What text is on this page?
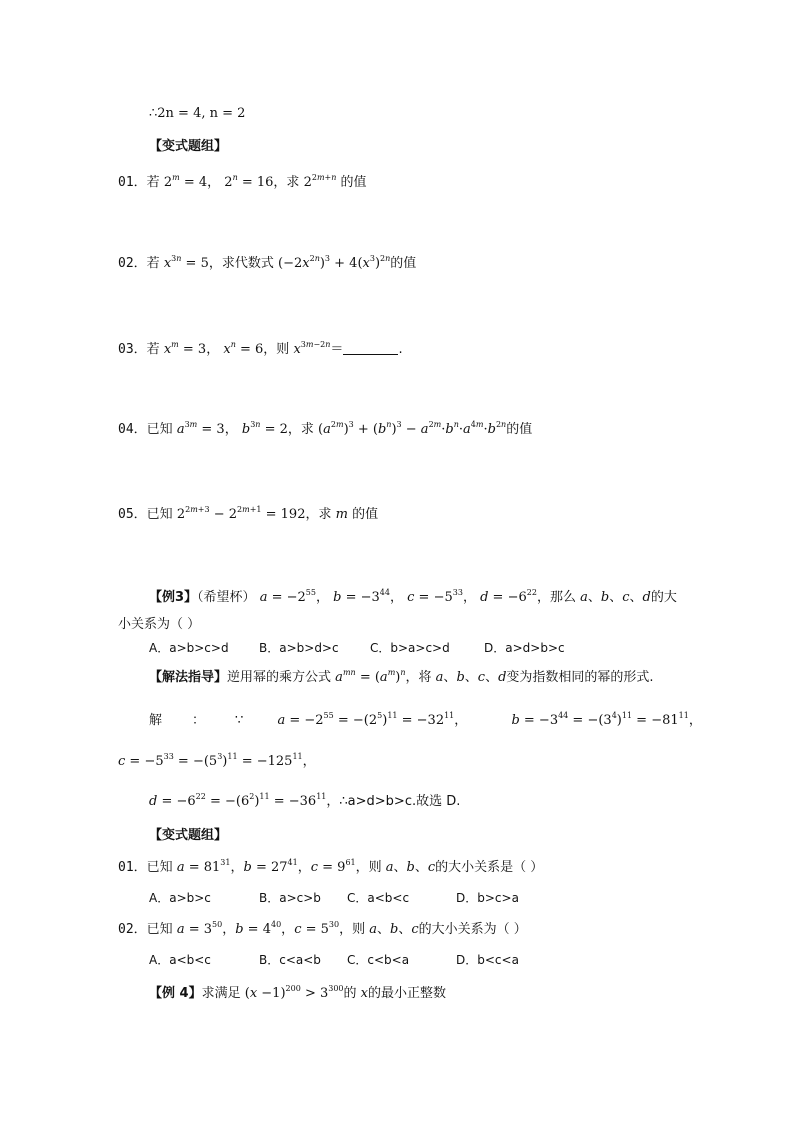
∴2n = 4, n = 2
【变式题组】
01．若 $2^m = 4$， $2^n = 16$，求 $2^{2m+n}$ 的值
02．若 $x^{3n} = 5$，求代数式 $(-2x^{2n})^3 + 4(x^3)^{2n}$的值
03．若 $x^m = 3$， $x^n = 6$，则 $x^{3m-2n}=$	.
04．已知 $a^{3m} = 3$， $b^{3n} = 2$，求 $(a^{2m})^3 + (b^n)^3 - a^{2m}\cdot b^n\cdot a^{4m}\cdot b^{2n}$的值
05．已知 $2^{2m+3} - 2^{2m+1} = 192$，求 m 的值
【例3】（希望杯） $a = -2^{55}$， $b = -3^{44}$， $c = -5^{33}$， $d = -6^{22}$，那么 a、b、c、d的大
小关系为（ ）
A．a>b>c>d	B．a>b>d>c	C．b>a>c>d	D．a>d>b>c
【解法指导】逆用幂的乘方公式 $a^{mn} = (a^m)^n$，将 a、b、c、d变为指数相同的幂的形式.
解 ： ∵	$a = -2^{55} = -(2^5)^{11} = -32^{11}$，	$b = -3^{44} = -(3^4)^{11} = -81^{11}$，
$c = -5^{33} = -(5^3)^{11} = -125^{11}$，
$d = -6^{22} = -(6^2)^{11} = -36^{11}$，∴a>d>b>c.故选 D.
【变式题组】
01．已知 $a = 81^{31}$，$b = 27^{41}$，$c = 9^{61}$，则 a、b、c的大小关系是（ ）
A．a>b>c	B．a>c>b C．a<b<c	D．b>c>a
02．已知 $a = 3^{50}$，$b = 4^{40}$，$c = 5^{30}$，则 a、b、c的大小关系为（ ）
A．a<b<c	B．c<a<b C．c<b<a	D．b<c<a
【例 4】求满足 $(x -1)^{200} > 3^{300}$的 x的最小正整数
